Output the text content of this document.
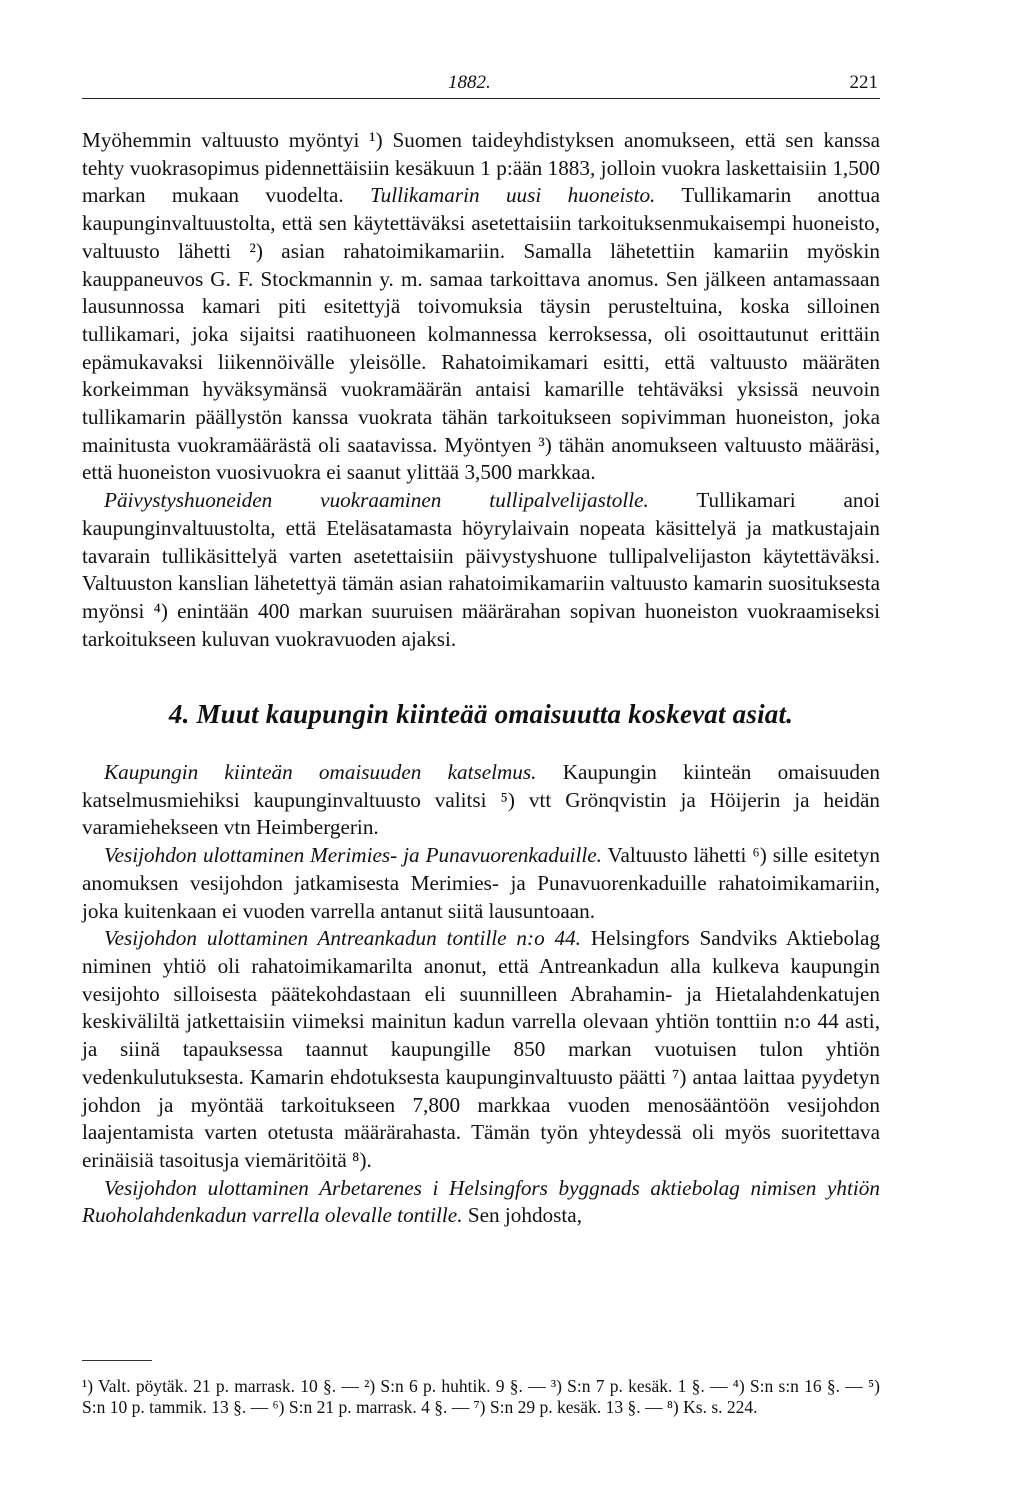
1882.	221

Myöhemmin valtuusto myöntyi ¹) Suomen taideyhdistyksen anomukseen, että sen kanssa tehty vuokrasopimus pidennettäisiin kesäkuun 1 p:ään 1883, jolloin vuokra laskettaisiin 1,500 markan mukaan vuodelta. Tullikamarin uusi huoneisto. Tullikamarin anottua kaupunginvaltuustolta, että sen käytettäväksi asetettaisiin tarkoituksenmukaisempi huoneisto, valtuusto lähetti ²) asian rahatoimikamariin. Samalla lähetettiin kamariin myöskin kauppaneuvos G. F. Stockmannin y. m. samaa tarkoittava anomus. Sen jälkeen antamassaan lausunnossa kamari piti esitettyjä toivomuksia täysin perusteltuina, koska silloinen tullikamari, joka sijaitsi raatihuoneen kolmannessa kerroksessa, oli osoittautunut erittäin epämukavaksi liikennöivälle yleisölle. Rahatoimikamari esitti, että valtuusto määräten korkeimman hyväksymänsä vuokramäärän antaisi kamarille tehtäväksi yksissä neuvoin tullikamarin päällystön kanssa vuokrata tähän tarkoitukseen sopivimman huoneiston, joka mainitusta vuokramäärästä oli saatavissa. Myöntyen ³) tähän anomukseen valtuusto määräsi, että huoneiston vuosivuokra ei saanut ylittää 3,500 markkaa.

Päivystyshuoneiden vuokraaminen tullipalvelijastolle. Tullikamari anoi kaupunginvaltuustolta, että Eteläsatamasta höyrylaivain nopeata käsittelyä ja matkustajain tavarain tullikäsittelyä varten asetettaisiin päivystyshuone tullipalvelijaston käytettäväksi. Valtuuston kanslian lähetettyä tämän asian rahatoimikamariin valtuusto kamarin suosituksesta myönsi ⁴) enintään 400 markan suuruisen määrärahan sopivan huoneiston vuokraamiseksi tarkoitukseen kuluvan vuokravuoden ajaksi.

4. Muut kaupungin kiinteää omaisuutta koskevat asiat.

Kaupungin kiinteän omaisuuden katselmus. Kaupungin kiinteän omaisuuden katselmusmiehiksi kaupunginvaltuusto valitsi ⁵) vtt Grönqvistin ja Höijerin ja heidän varamiehekseen vtn Heimbergerin.

Vesijohdon ulottaminen Merimies- ja Punavuorenkaduille. Valtuusto lähetti ⁶) sille esitetyn anomuksen vesijohdon jatkamisesta Merimies- ja Punavuorenkaduille rahatoimikamariin, joka kuitenkaan ei vuoden varrella antanut siitä lausuntoaan.

Vesijohdon ulottaminen Antreankadun tontille n:o 44. Helsingfors Sandviks Aktiebolag niminen yhtiö oli rahatoimikamarilta anonut, että Antreankadun alla kulkeva kaupungin vesijohto silloisesta päätekohdastaan eli suunnilleen Abrahamin- ja Hietalahdenkatujen keskiväliltä jatkettaisiin viimeksi mainitun kadun varrella olevaan yhtiön tonttiin n:o 44 asti, ja siinä tapauksessa taannut kaupungille 850 markan vuotuisen tulon yhtiön vedenkulutuksesta. Kamarin ehdotuksesta kaupunginvaltuusto päätti ⁷) antaa laittaa pyydetyn johdon ja myöntää tarkoitukseen 7,800 markkaa vuoden menosääntöön vesijohdon laajentamista varten otetusta määrärahasta. Tämän työn yhteydessä oli myös suoritettava erinäisiä tasoitusja viemäritöitä ⁸).

Vesijohdon ulottaminen Arbetarenes i Helsingfors byggnads aktiebolag nimisen yhtiön Ruoholahdenkadun varrella olevalle tontille. Sen johdosta,

¹) Valt. pöytäk. 21 p. marrask. 10 §. — ²) S:n 6 p. huhtik. 9 §. — ³) S:n 7 p. kesäk. 1 §. — ⁴) S:n s:n 16 §. — ⁵) S:n 10 p. tammik. 13 §. — ⁶) S:n 21 p. marrask. 4 §. — ⁷) S:n 29 p. kesäk. 13 §. — ⁸) Ks. s. 224.
